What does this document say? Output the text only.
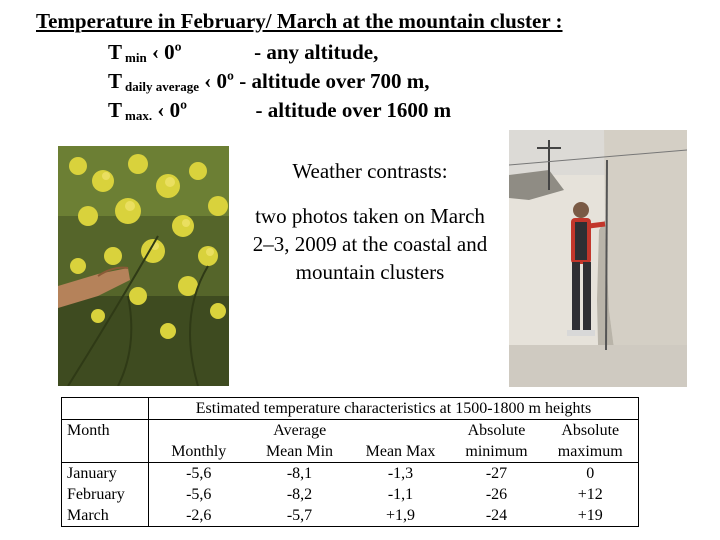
Temperature in February/ March at the mountain cluster :
T $_{min}$ ‹ 0º	- any altitude,
T $_{daily average}$ ‹ 0º - altitude over 700 m,
T $_{max.}$ ‹ 0º	- altitude over 1600 m
Weather contrasts:
two photos taken on March 2–3, 2009 at the coastal and mountain clusters
	Estimated temperature characteristics at 1500-1800 m heights				
Month	Average			Absolute	Absolute
	Monthly	Mean Min	Mean Max	minimum	maximum
January	-5,6	-8,1	-1,3	-27	0
February	-5,6	-8,2	-1,1	-26	+12
March	-2,6	-5,7	+1,9	-24	+19
